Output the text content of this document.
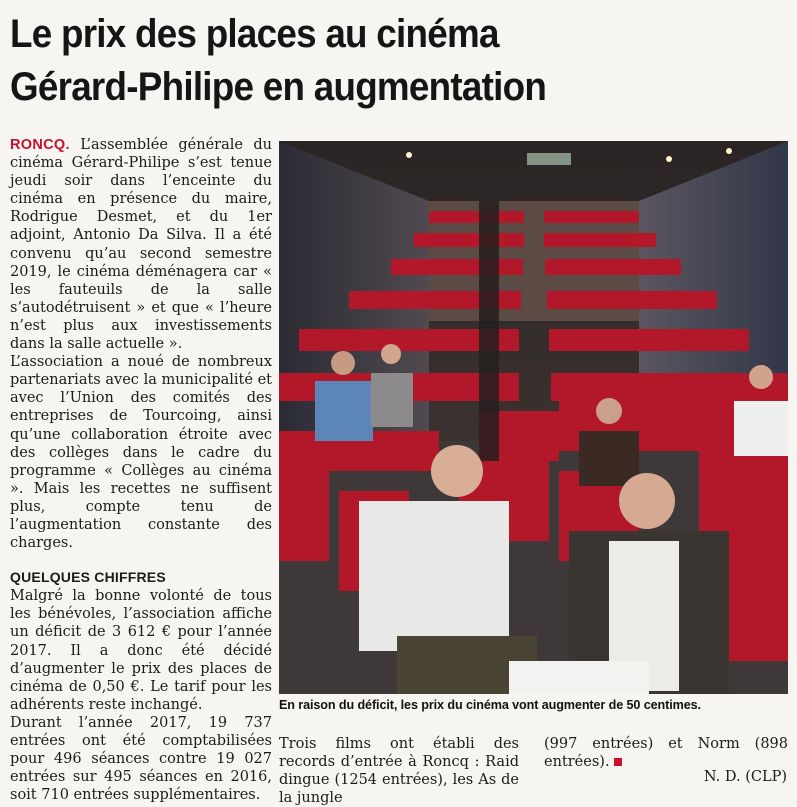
Le prix des places au cinéma
Gérard-Philipe en augmentation

RONCQ. L’assemblée générale du cinéma Gérard-Philipe s’est tenue jeudi soir dans l’enceinte du cinéma en présence du maire, Rodrigue Desmet, et du 1er adjoint, Antonio Da Silva. Il a été convenu qu’au second semestre 2019, le cinéma déménagera car « les fauteuils de la salle s’autodétruisent » et que « l’heure n’est plus aux investissements dans la salle actuelle ».

L’association a noué de nombreux partenariats avec la municipalité et avec l’Union des comités des entreprises de Tourcoing, ainsi qu’une collaboration étroite avec des collèges dans le cadre du programme « Collèges au cinéma ». Mais les recettes ne suffisent plus, compte tenu de l’augmentation constante des charges.

QUELQUES CHIFFRES

Malgré la bonne volonté de tous les bénévoles, l’association affiche un déficit de 3 612 € pour l’année 2017. Il a donc été décidé d’augmenter le prix des places de cinéma de 0,50 €. Le tarif pour les adhérents reste inchangé.

Durant l’année 2017, 19 737 entrées ont été comptabilisées pour 496 séances contre 19 027 entrées sur 495 séances en 2016, soit 710 entrées supplémentaires.

En raison du déficit, les prix du cinéma vont augmenter de 50 centimes.

Trois films ont établi des records d’entrée à Roncq : Raid dingue (1254 entrées), les As de la jungle

(997 entrées) et Norm (898 entrées).

N. D. (CLP)
